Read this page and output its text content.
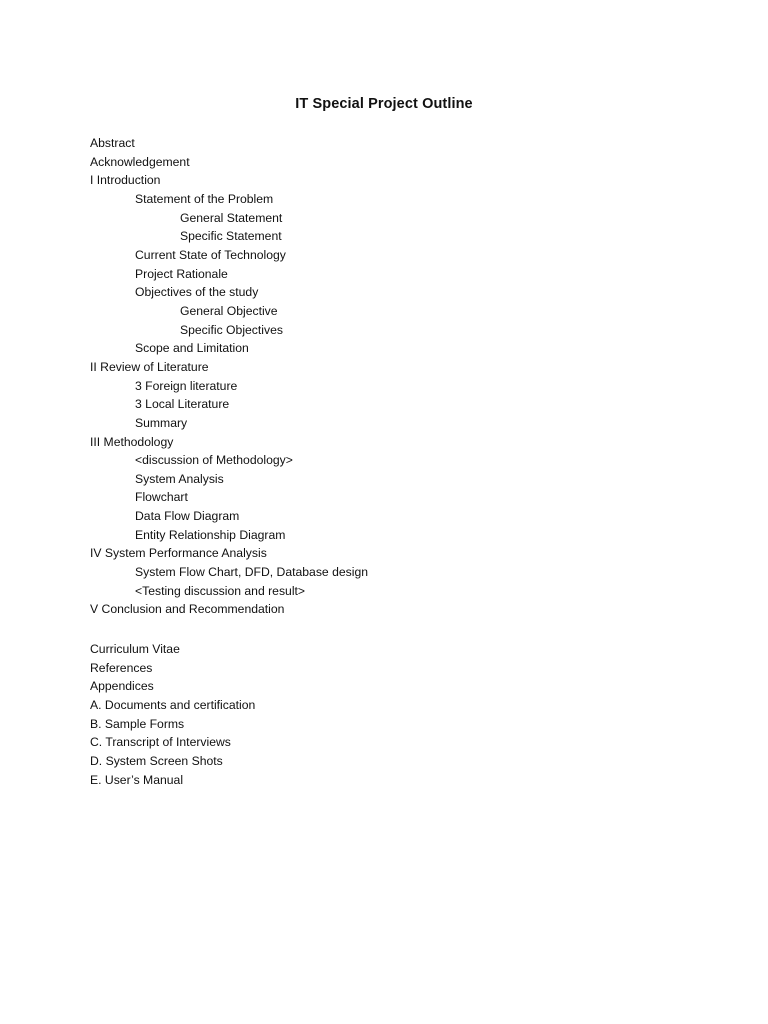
IT Special Project Outline
Abstract
Acknowledgement
I Introduction
Statement of the Problem
General Statement
Specific Statement
Current State of Technology
Project Rationale
Objectives of the study
General Objective
Specific Objectives
Scope and Limitation
II Review of Literature
3 Foreign literature
3 Local Literature
Summary
III Methodology
<discussion of Methodology>
System Analysis
Flowchart
Data Flow Diagram
Entity Relationship Diagram
IV System Performance Analysis
System Flow Chart, DFD, Database design
<Testing discussion and result>
V Conclusion and Recommendation
Curriculum Vitae
References
Appendices
A. Documents and certification
B. Sample Forms
C. Transcript of Interviews
D. System Screen Shots
E. User’s Manual
